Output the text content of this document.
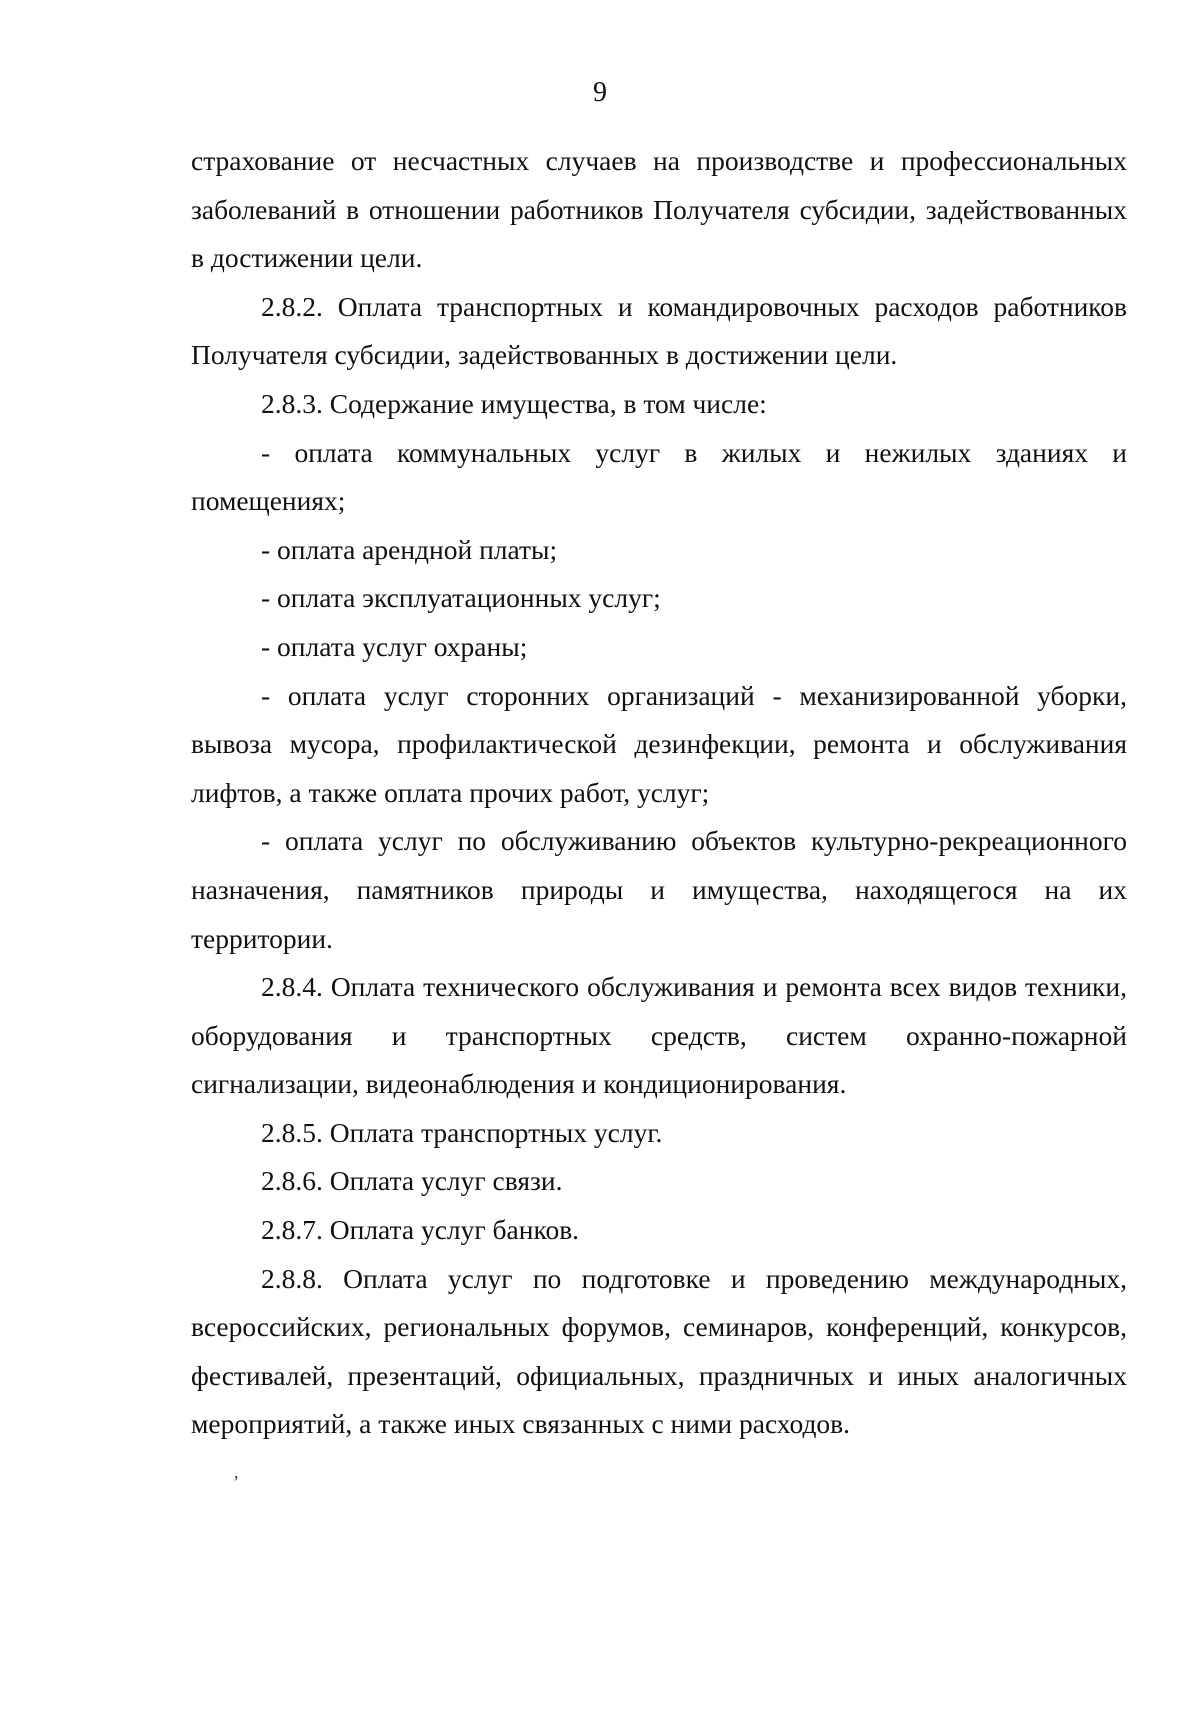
9

страхование от несчастных случаев на производстве и профессиональных заболеваний в отношении работников Получателя субсидии, задействованных в достижении цели.

2.8.2. Оплата транспортных и командировочных расходов работников Получателя субсидии, задействованных в достижении цели.

2.8.3. Содержание имущества, в том числе:

- оплата коммунальных услуг в жилых и нежилых зданиях и помещениях;

- оплата арендной платы;

- оплата эксплуатационных услуг;

- оплата услуг охраны;

- оплата услуг сторонних организаций - механизированной уборки, вывоза мусора, профилактической дезинфекции, ремонта и обслуживания лифтов, а также оплата прочих работ, услуг;

- оплата услуг по обслуживанию объектов культурно-рекреационного назначения, памятников природы и имущества, находящегося на их территории.

2.8.4. Оплата технического обслуживания и ремонта всех видов техники, оборудования и транспортных средств, систем охранно-пожарной сигнализации, видеонаблюдения и кондиционирования.

2.8.5. Оплата транспортных услуг.

2.8.6. Оплата услуг связи.

2.8.7. Оплата услуг банков.

2.8.8. Оплата услуг по подготовке и проведению международных, всероссийских, региональных форумов, семинаров, конференций, конкурсов, фестивалей, презентаций, официальных, праздничных и иных аналогичных мероприятий, а также иных связанных с ними расходов.

ʼ
